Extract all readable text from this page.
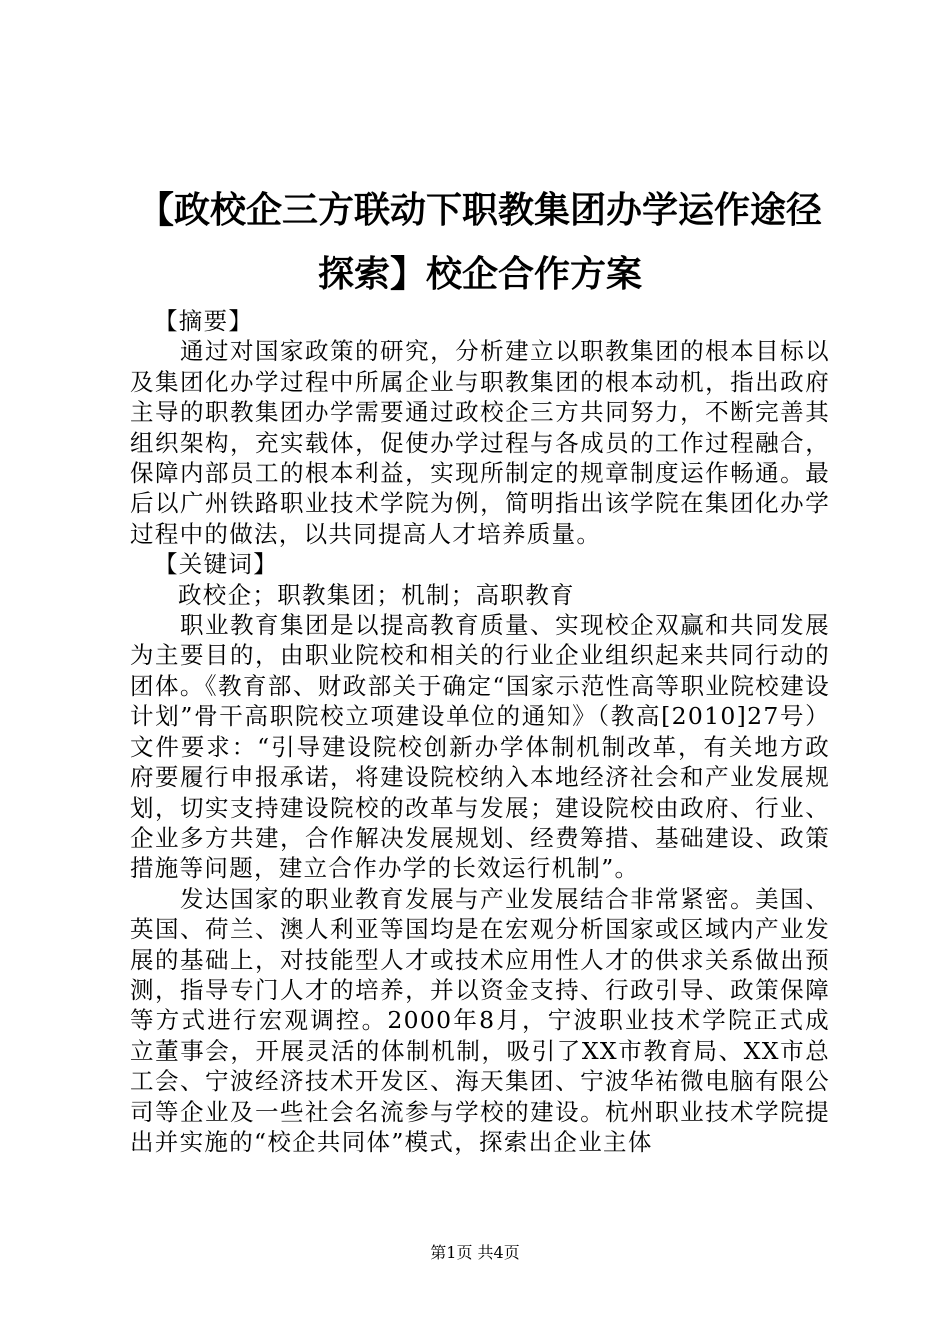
【政校企三方联动下职教集团办学运作途径探索】校企合作方案

【摘要】

通过对国家政策的研究，分析建立以职教集团的根本目标以及集团化办学过程中所属企业与职教集团的根本动机，指出政府主导的职教集团办学需要通过政校企三方共同努力，不断完善其组织架构，充实载体，促使办学过程与各成员的工作过程融合，保障内部员工的根本利益，实现所制定的规章制度运作畅通。最后以广州铁路职业技术学院为例，简明指出该学院在集团化办学过程中的做法，以共同提高人才培养质量。

【关键词】

政校企；职教集团；机制；高职教育

职业教育集团是以提高教育质量、实现校企双赢和共同发展为主要目的，由职业院校和相关的行业企业组织起来共同行动的团体。《教育部、财政部关于确定“国家示范性高等职业院校建设计划”骨干高职院校立项建设单位的通知》（教高[2010]27号）文件要求：“引导建设院校创新办学体制机制改革，有关地方政府要履行申报承诺，将建设院校纳入本地经济社会和产业发展规划，切实支持建设院校的改革与发展；建设院校由政府、行业、企业多方共建，合作解决发展规划、经费筹措、基础建设、政策措施等问题，建立合作办学的长效运行机制”。

发达国家的职业教育发展与产业发展结合非常紧密。美国、英国、荷兰、澳人利亚等国均是在宏观分析国家或区域内产业发展的基础上，对技能型人才或技术应用性人才的供求关系做出预测，指导专门人才的培养，并以资金支持、行政引导、政策保障等方式进行宏观调控。2000年8月，宁波职业技术学院正式成立董事会，开展灵活的体制机制，吸引了XX市教育局、XX市总工会、宁波经济技术开发区、海天集团、宁波华祐微电脑有限公司等企业及一些社会名流参与学校的建设。杭州职业技术学院提出并实施的“校企共同体”模式，探索出企业主体

第1页 共4页
